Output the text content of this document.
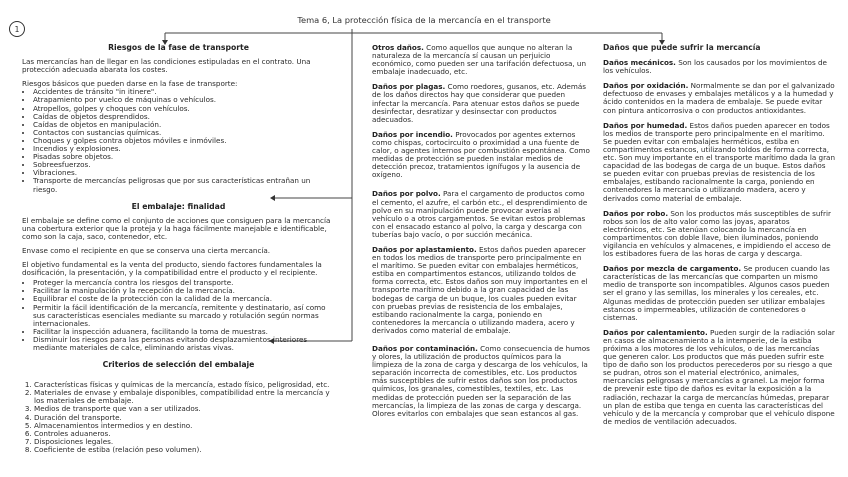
Tema 6, La protección física de la mercancía en el transporte
1
Riesgos de la fase de transporte

Las mercancías han de llegar en las condiciones estipuladas en el contrato. Una protección adecuada abarata los costes.

Riesgos básicos que pueden darse en la fase de transporte:
• Accidentes de tránsito "in itinere".
• Atrapamiento por vuelco de máquinas o vehículos.
• Atropellos, golpes y choques con vehículos.
• Caídas de objetos desprendidos.
• Caídas de objetos en manipulación.
• Contactos con sustancias químicas.
• Choques y golpes contra objetos móviles e inmóviles.
• Incendios y explosiones.
• Pisadas sobre objetos.
• Sobreesfuerzos.
• Vibraciones.
• Transporte de mercancías peligrosas que por sus características entrañan un riesgo.
El embalaje: finalidad

El embalaje se define como el conjunto de acciones que consiguen para la mercancía una cobertura exterior que la proteja y la haga fácilmente manejable e identificable, como son la caja, saco, contenedor, etc.

Envase como el recipiente en que se conserva una cierta mercancía.

El objetivo fundamental es la venta del producto, siendo factores fundamentales la dosificación, la presentación, y la compatibilidad entre el producto y el recipiente.

• Proteger la mercancía contra los riesgos del transporte.
• Facilitar la manipulación y la recepción de la mercancía.
• Equilibrar el coste de la protección con la calidad de la mercancía.
• Permitir la fácil identificación de la mercancía, remitente y destinatario, así como sus características esenciales mediante su marcado y rotulación según normas internacionales.
• Facilitar la inspección aduanera, facilitando la toma de muestras.
• Disminuir los riesgos para las personas evitando desplazamientos interiores mediante materiales de calce, eliminando aristas vivas.
Criterios de selección del embalaje
1. Características físicas y químicas de la mercancía, estado físico, peligrosidad, etc.
2. Materiales de envase y embalaje disponibles, compatibilidad entre la mercancía y los materiales de embalaje.
3. Medios de transporte que van a ser utilizados.
4. Duración del transporte.
5. Almacenamientos intermedios y en destino.
6. Controles aduaneros.
7. Disposiciones legales.
8. Coeficiente de estiba (relación peso volumen).
Otros daños. Como aquellos que aunque no alteran la naturaleza de la mercancía sí causan un perjuicio económico, como pueden ser una tarifación defectuosa, un embalaje inadecuado, etc.
Daños por plagas. Como roedores, gusanos, etc. Además de los daños directos hay que considerar que pueden infectar la mercancía. Para atenuar estos daños se puede desinfectar, desratizar y desinsectar con productos adecuados.
Daños por incendio. Provocados por agentes externos como chispas, cortocircuito o proximidad a una fuente de calor, o agentes internos por combustión espontánea. Como medidas de protección se pueden instalar medios de detección precoz, tratamientos ignífugos y la ausencia de oxígeno.
Daños por polvo. Para el cargamento de productos como el cemento, el azufre, el carbón etc., el desprendimiento de polvo en su manipulación puede provocar averías al vehículo o a otros cargamentos. Se evitan estos problemas con el ensacado estanco al polvo, la carga y descarga con tuberías bajo vacío, o por succión mecánica.
Daños por aplastamiento. Estos daños pueden aparecer en todos los medios de transporte pero principalmente en el marítimo. Se pueden evitar con embalajes herméticos, estiba en compartimentos estancos, utilizando toldos de forma correcta, etc. Estos daños son muy importantes en el transporte marítimo debido a la gran capacidad de las bodegas de carga de un buque, los cuales pueden evitar con pruebas previas de resistencia de los embalajes, estibando racionalmente la carga, poniendo en contenedores la mercancía o utilizando madera, acero y derivados como material de embalaje.
Daños por contaminación. Como consecuencia de humos y olores, la utilización de productos químicos para la limpieza de la zona de carga y descarga de los vehículos, la separación incorrecta de comestibles, etc. Los productos más susceptibles de sufrir estos daños son los productos químicos, los granales, comestibles, textiles, etc. Las medidas de protección pueden ser la separación de las mercancías, la limpieza de las zonas de carga y descarga. Olores evitarlos con embalajes que sean estancos al gas.
Daños que puede sufrir la mercancía
Daños mecánicos. Son los causados por los movimientos de los vehículos.
Daños por oxidación. Normalmente se dan por el galvanizado defectuoso de envases y embalajes metálicos y a la humedad y ácido contenidos en la madera de embalaje. Se puede evitar con pintura anticorrosiva o con productos antioxidantes.
Daños por humedad. Estos daños pueden aparecer en todos los medios de transporte pero principalmente en el marítimo. Se pueden evitar con embalajes herméticos, estiba en compartimentos estancos, utilizando toldos de forma correcta, etc. Son muy importante en el transporte marítimo dada la gran capacidad de las bodegas de carga de un buque. Estos daños se pueden evitar con pruebas previas de resistencia de los embalajes, estibando racionalmente la carga, poniendo en contenedores la mercancía o utilizando madera, acero y derivados como material de embalaje.
Daños por robo. Son los productos más susceptibles de sufrir robos son los de alto valor como las joyas, aparatos electrónicos, etc. Se atenúan colocando la mercancía en compartimentos con doble llave, bien iluminados, poniendo vigilancia en vehículos y almacenes, e impidiendo el acceso de los estibadores fuera de las horas de carga y descarga.
Daños por mezcla de cargamento. Se producen cuando las características de las mercancías que comparten un mismo medio de transporte son incompatibles. Algunos casos pueden ser el grano y las semillas, los minerales y los cereales, etc. Algunas medidas de protección pueden ser utilizar embalajes estancos o impermeables, utilización de contenedores o cisternas.
Daños por calentamiento. Pueden surgir de la radiación solar en casos de almacenamiento a la intemperie, de la estiba próxima a los motores de los vehículos, o de las mercancías que generen calor. Los productos que más pueden sufrir este tipo de daño son los productos perecederos por su riesgo a que se pudran, otros son el material electrónico, animales, mercancías peligrosas y mercancías a granel. La mejor forma de prevenir este tipo de daños es evitar la exposición a la radiación, rechazar la carga de mercancías húmedas, preparar un plan de estiba que tenga en cuenta las características del vehículo y de la mercancía y comprobar que el vehículo dispone de medios de ventilación adecuados.
